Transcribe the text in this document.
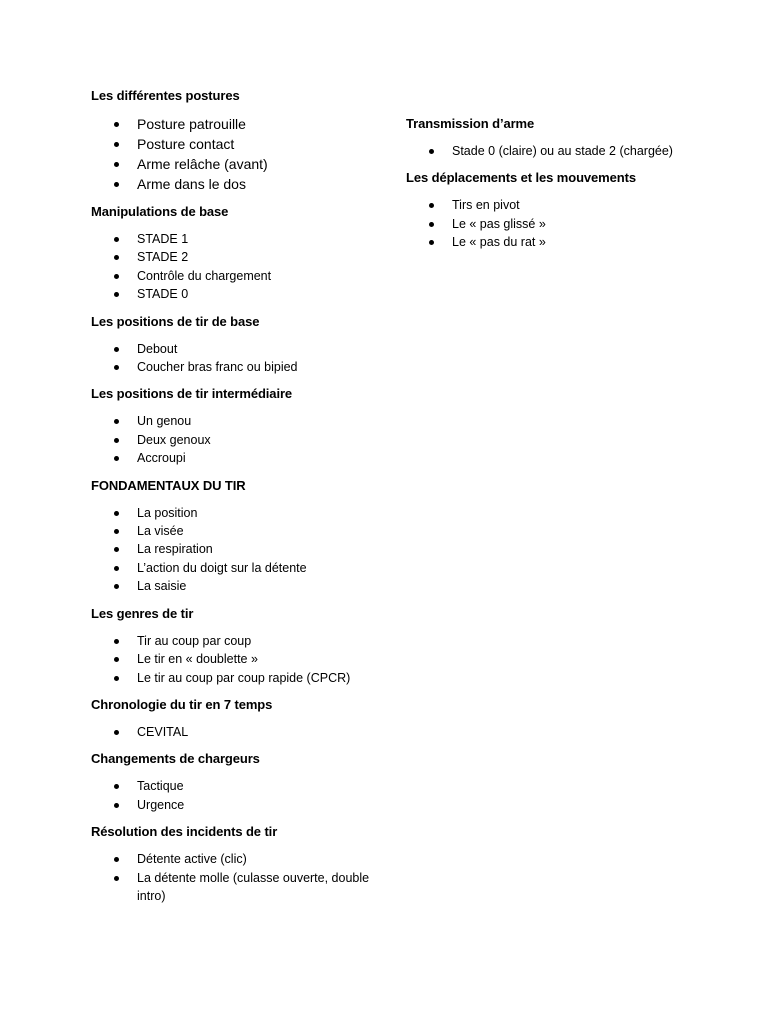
Les différentes postures
Posture patrouille
Posture contact
Arme relâche (avant)
Arme dans le dos
Manipulations de base
STADE 1
STADE 2
Contrôle du chargement
STADE 0
Les positions de tir de base
Debout
Coucher bras franc ou bipied
Les positions de tir intermédiaire
Un genou
Deux genoux
Accroupi
FONDAMENTAUX DU TIR
La position
La visée
La respiration
L’action du doigt sur la détente
La saisie
Les genres de tir
Tir au coup par coup
Le tir en « doublette »
Le tir au coup par coup rapide (CPCR)
Chronologie du tir en 7 temps
CEVITAL
Changements de chargeurs
Tactique
Urgence
Résolution des incidents de tir
Détente active (clic)
La détente molle (culasse ouverte, double intro)
Transmission d’arme
Stade 0 (claire) ou au stade 2 (chargée)
Les déplacements et les mouvements
Tirs en pivot
Le « pas glissé »
Le « pas du rat »
